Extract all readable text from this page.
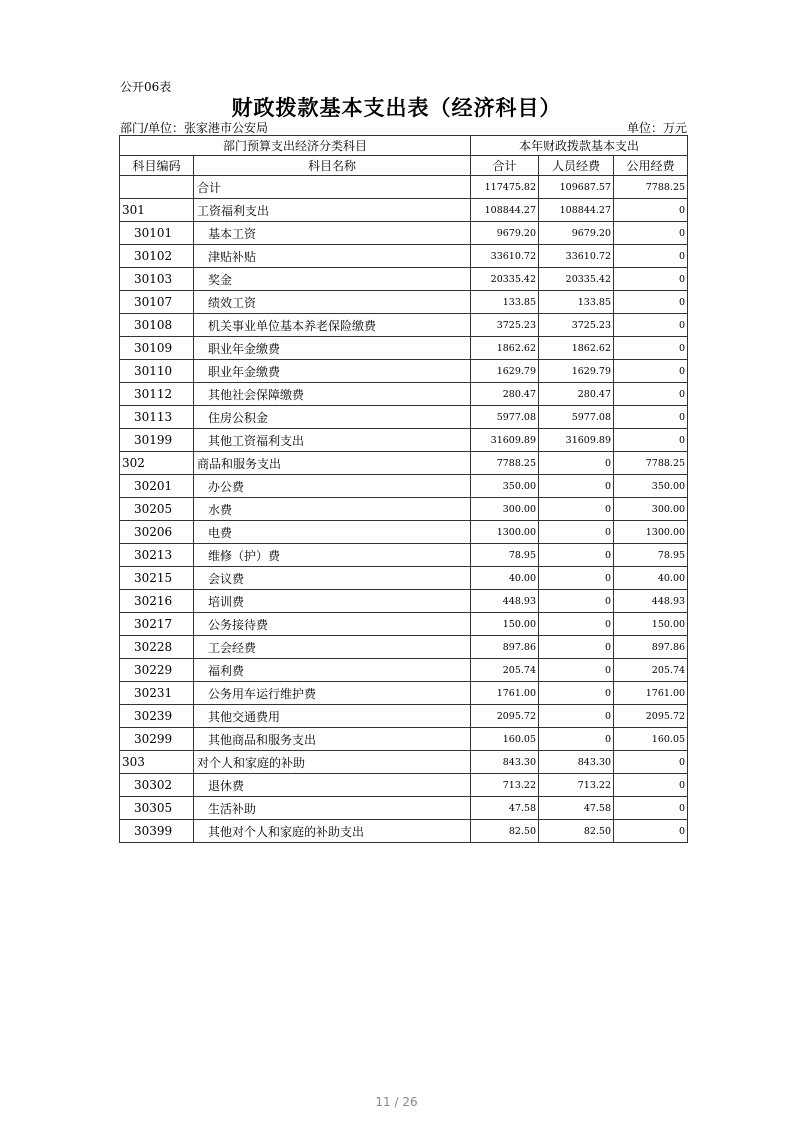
公开06表
财政拨款基本支出表（经济科目）
部门/单位：张家港市公安局	单位：万元
部门预算支出经济分类科目		本年财政拨款基本支出		
科目编码	科目名称	合计	人员经费	公用经费
	合计	117475.82	109687.57	7788.25
301	工资福利支出	108844.27	108844.27	0
30101	基本工资	9679.20	9679.20	0
30102	津贴补贴	33610.72	33610.72	0
30103	奖金	20335.42	20335.42	0
30107	绩效工资	133.85	133.85	0
30108	机关事业单位基本养老保险缴费	3725.23	3725.23	0
30109	职业年金缴费	1862.62	1862.62	0
30110	职业年金缴费	1629.79	1629.79	0
30112	其他社会保障缴费	280.47	280.47	0
30113	住房公积金	5977.08	5977.08	0
30199	其他工资福利支出	31609.89	31609.89	0
302	商品和服务支出	7788.25	0	7788.25
30201	办公费	350.00	0	350.00
30205	水费	300.00	0	300.00
30206	电费	1300.00	0	1300.00
30213	维修（护）费	78.95	0	78.95
30215	会议费	40.00	0	40.00
30216	培训费	448.93	0	448.93
30217	公务接待费	150.00	0	150.00
30228	工会经费	897.86	0	897.86
30229	福利费	205.74	0	205.74
30231	公务用车运行维护费	1761.00	0	1761.00
30239	其他交通费用	2095.72	0	2095.72
30299	其他商品和服务支出	160.05	0	160.05
303	对个人和家庭的补助	843.30	843.30	0
30302	退休费	713.22	713.22	0
30305	生活补助	47.58	47.58	0
30399	其他对个人和家庭的补助支出	82.50	82.50	0
11 / 26
